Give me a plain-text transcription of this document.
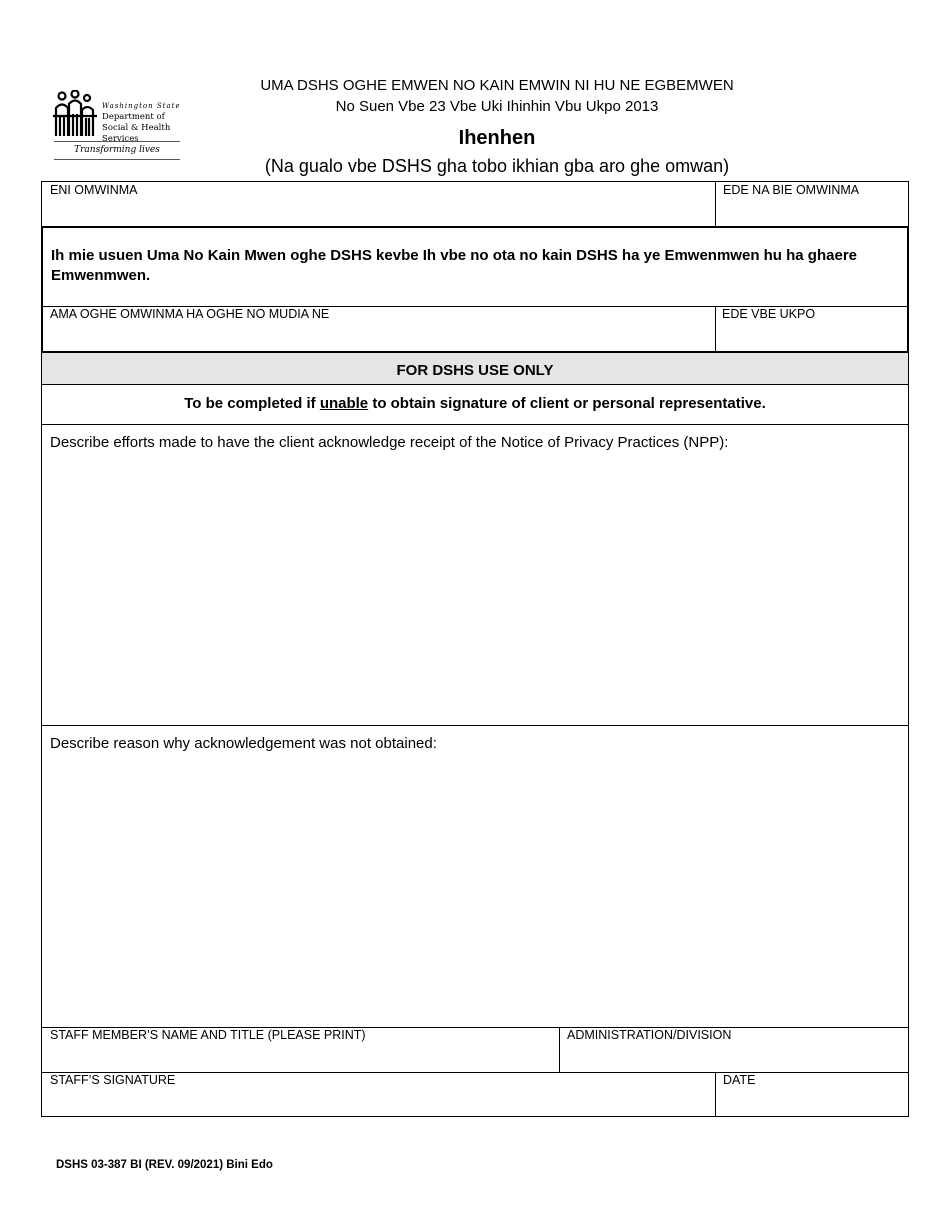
Washington State
Department of Social & Health Services
Transforming lives
UMA DSHS OGHE EMWEN NO KAIN EMWIN NI HU NE EGBEMWEN
No Suen Vbe 23 Vbe Uki Ihinhin Vbu Ukpo 2013
Ihenhen
(Na gualo vbe DSHS gha tobo ikhian gba aro ghe omwan)
ENI OMWINMA	EDE NA BIE OMWINMA
Ih mie usuen Uma No Kain Mwen oghe DSHS kevbe Ih vbe no ota no kain DSHS ha ye Emwenmwen hu ha ghaere Emwenmwen.
AMA OGHE OMWINMA HA OGHE NO MUDIA NE	EDE VBE UKPO
FOR DSHS USE ONLY
To be completed if unable to obtain signature of client or personal representative.
Describe efforts made to have the client acknowledge receipt of the Notice of Privacy Practices (NPP):
Describe reason why acknowledgement was not obtained:
STAFF MEMBER’S NAME AND TITLE (PLEASE PRINT)	ADMINISTRATION/DIVISION
STAFF’S SIGNATURE	DATE
DSHS 03-387 BI (REV. 09/2021) Bini Edo
